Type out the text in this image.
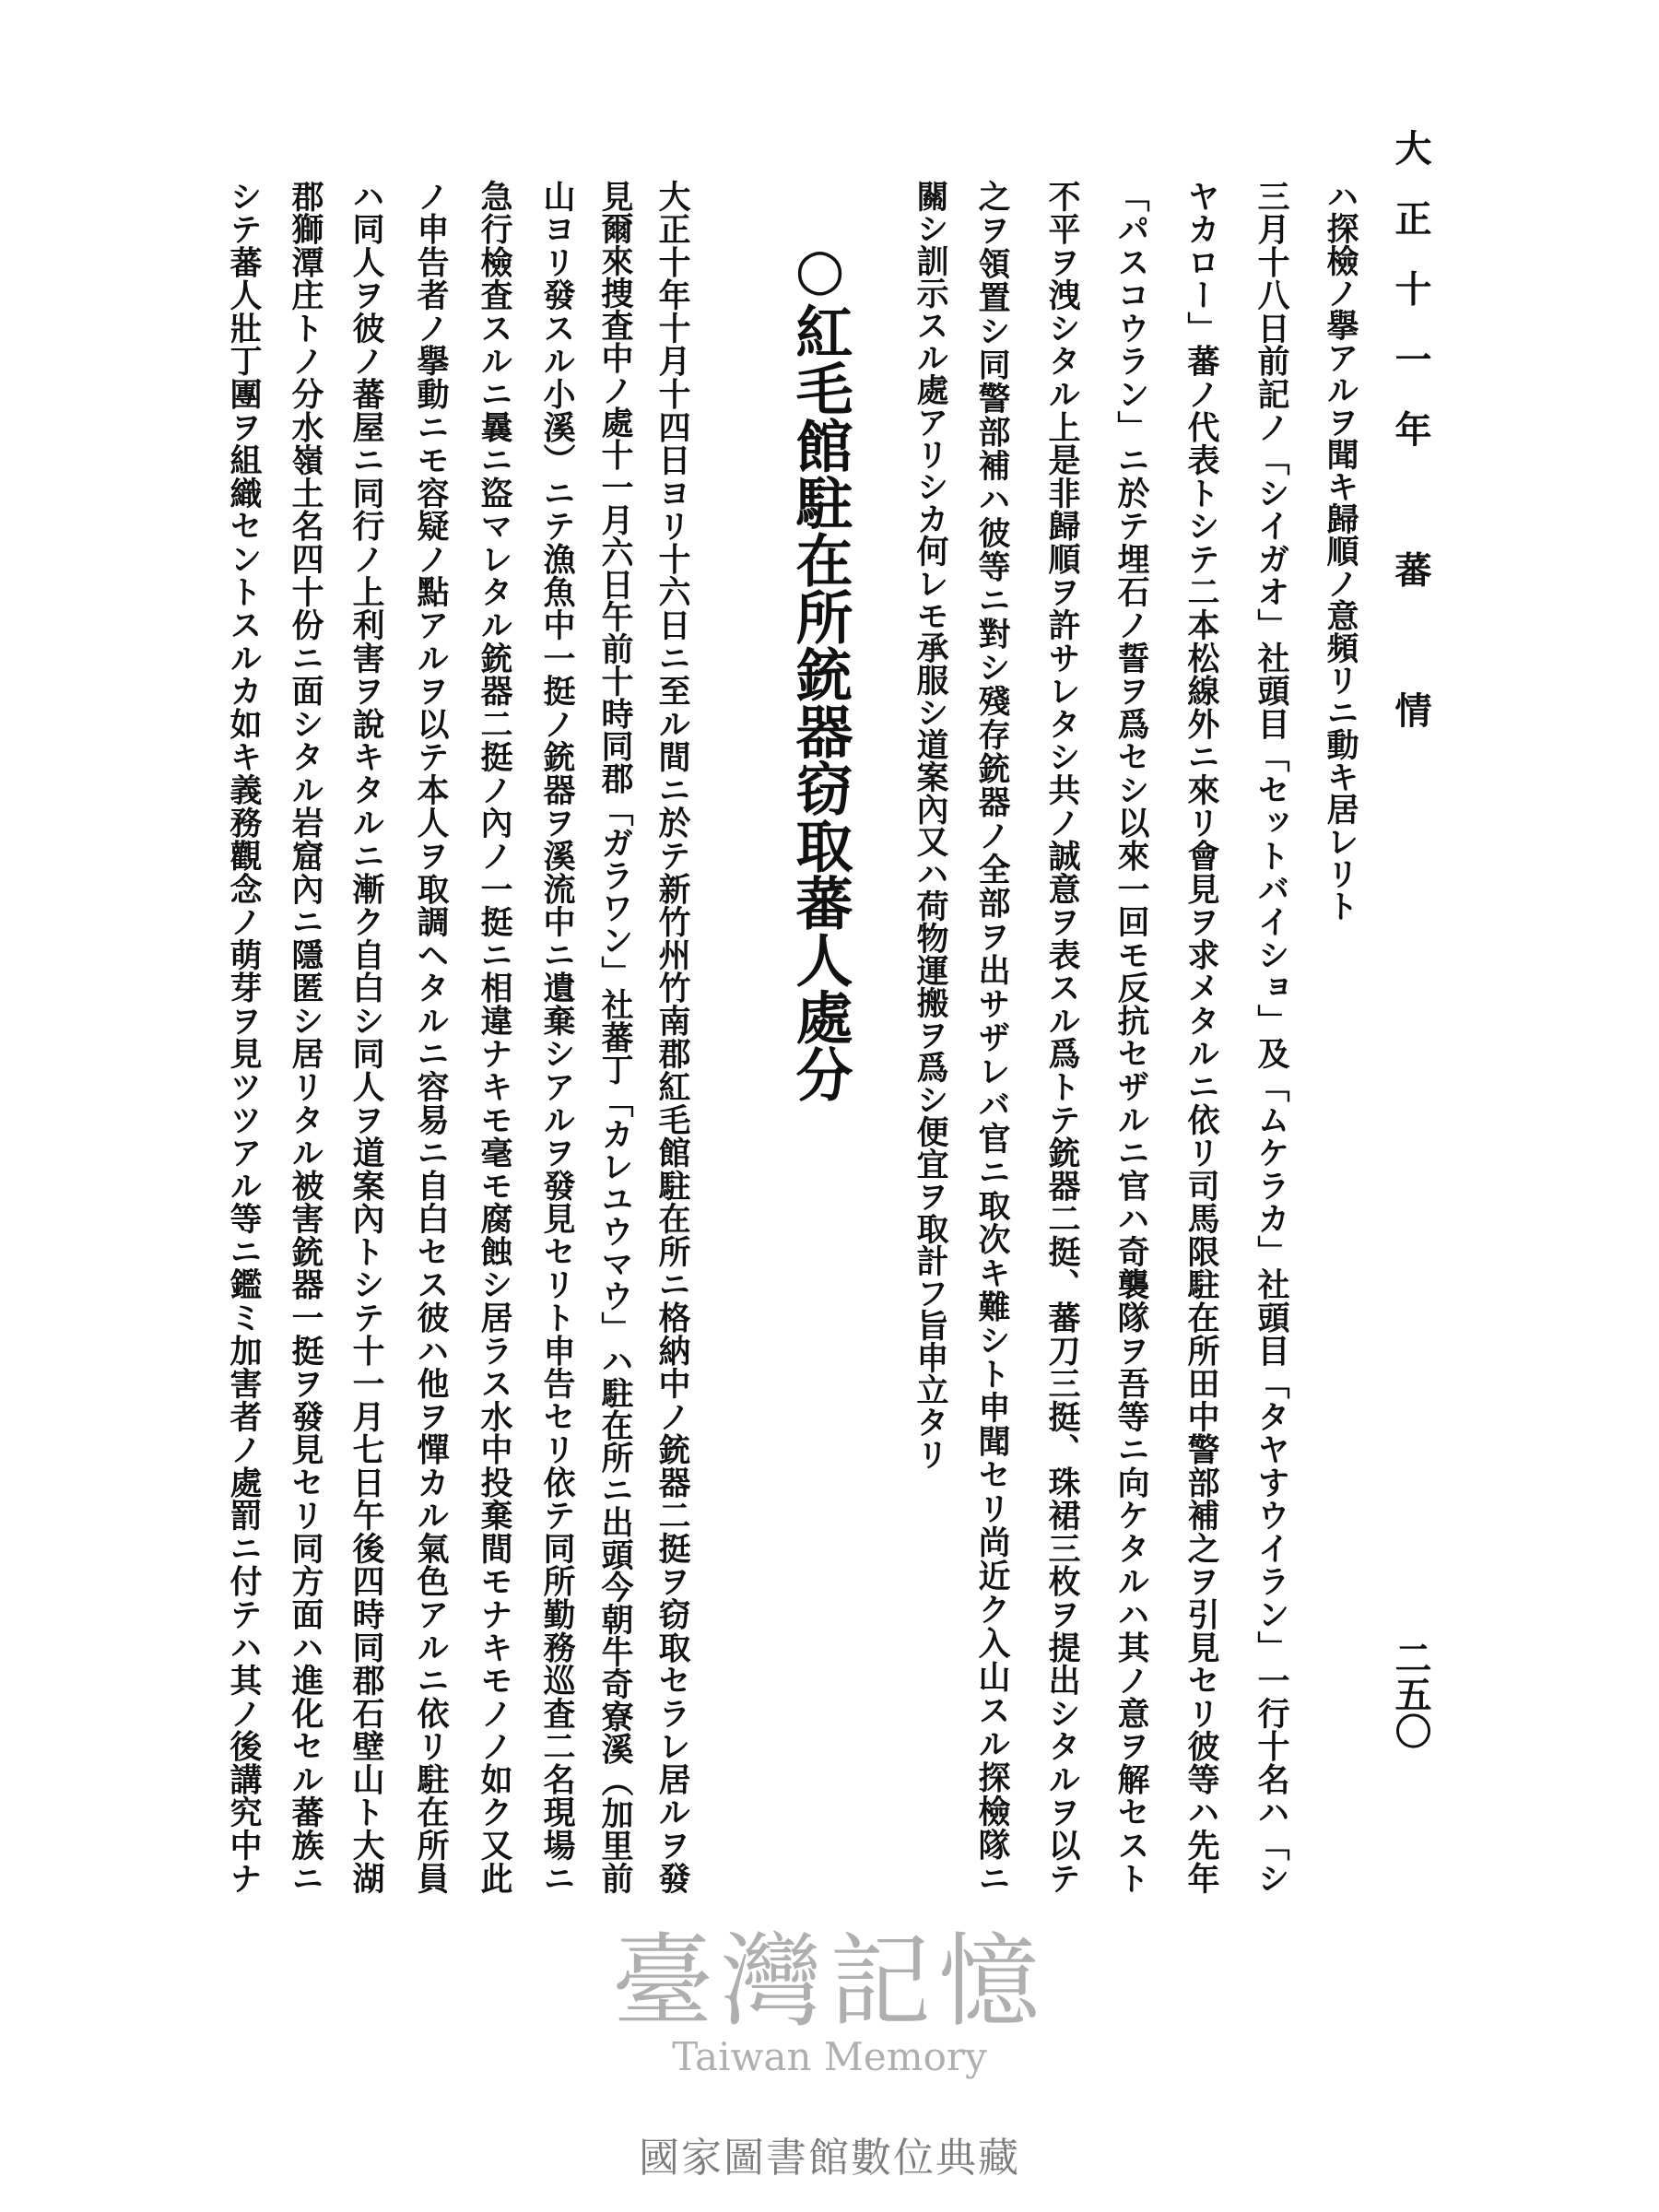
大正十一年　蕃　情
二五〇
ハ探檢ノ擧アルヲ聞キ歸順ノ意頻リニ動キ居レリト
三月十八日前記ノ「シイガオ」社頭目「セットバイショ」及「ムケラカ」社頭目「タヤすウイラン」一行十名ハ「シ
ヤカロー」蕃ノ代表トシテ二本松線外ニ來リ會見ヲ求メタルニ依リ司馬限駐在所田中警部補之ヲ引見セリ彼等ハ先年
「パスコウラン」ニ於テ埋石ノ誓ヲ爲セシ以來一回モ反抗セザルニ官ハ奇襲隊ヲ吾等ニ向ケタルハ其ノ意ヲ解セスト
不平ヲ洩シタル上是非歸順ヲ許サレタシ共ノ誠意ヲ表スル爲トテ銃器二挺、蕃刀三挺、珠裙三枚ヲ提出シタルヲ以テ
之ヲ領置シ同警部補ハ彼等ニ對シ殘存銃器ノ全部ヲ出サザレバ官ニ取次キ難シト申聞セリ尚近ク入山スル探檢隊ニ
關シ訓示スル處アリシカ何レモ承服シ道案內又ハ荷物運搬ヲ爲シ便宜ヲ取計フ旨申立タリ
○紅毛館駐在所銃器窃取蕃人處分
大正十年十月十四日ヨリ十六日ニ至ル間ニ於テ新竹州竹南郡紅毛館駐在所ニ格納中ノ銃器二挺ヲ窃取セラレ居ルヲ發
見爾來捜査中ノ處十一月六日午前十時同郡「ガラワン」社蕃丁「カレユウマウ」ハ駐在所ニ出頭今朝牛奇寮溪（加里前
山ヨリ發スル小溪）ニテ漁魚中一挺ノ銃器ヲ溪流中ニ遺棄シアルヲ發見セリト申告セリ依テ同所勤務巡査二名現場ニ
急行檢査スルニ曩ニ盜マレタル銃器二挺ノ內ノ一挺ニ相違ナキモ毫モ腐蝕シ居ラス水中投棄間モナキモノノ如ク又此
ノ申告者ノ擧動ニモ容疑ノ點アルヲ以テ本人ヲ取調ヘタルニ容易ニ自白セス彼ハ他ヲ憚カル氣色アルニ依リ駐在所員
ハ同人ヲ彼ノ蕃屋ニ同行ノ上利害ヲ說キタルニ漸ク自白シ同人ヲ道案內トシテ十一月七日午後四時同郡石壁山ト大湖
郡獅潭庄トノ分水嶺土名四十份ニ面シタル岩窟內ニ隱匿シ居リタル被害銃器一挺ヲ發見セリ同方面ハ進化セル蕃族ニ
シテ蕃人壯丁團ヲ組織セントスルカ如キ義務觀念ノ萌芽ヲ見ツツアル等ニ鑑ミ加害者ノ處罰ニ付テハ其ノ後講究中ナ
臺灣記憶
Taiwan Memory
國家圖書館數位典藏
